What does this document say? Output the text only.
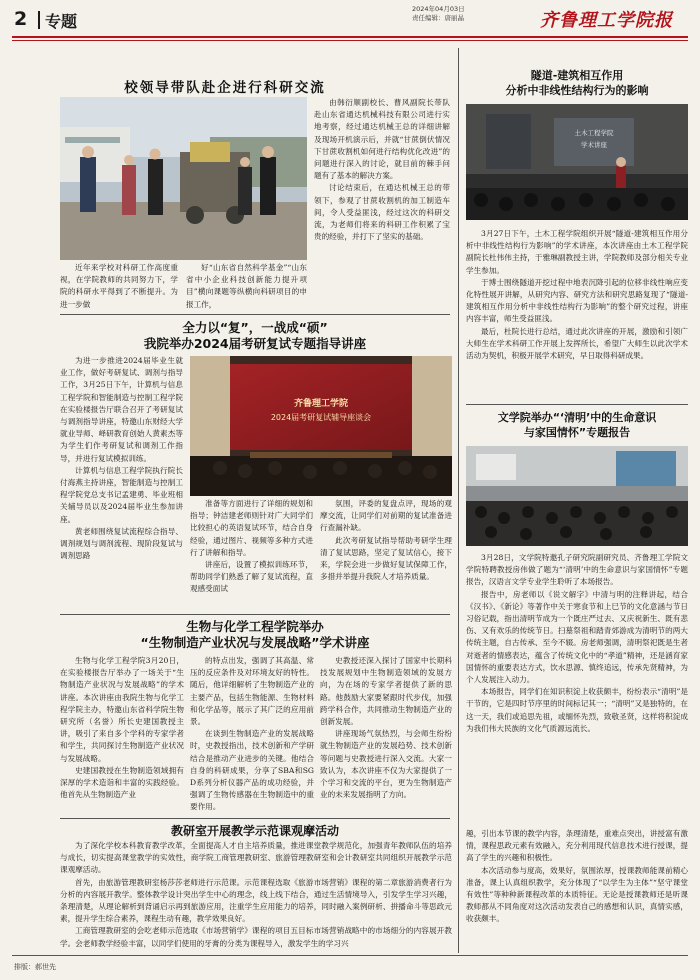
2 专题
2024年04月03日
责任编辑：唐丽晶	齐鲁理工学院报
校领导带队赴企进行科研交流
近年来学校对科研工作高度重视，在学院教师的共同努力下，学院的科研水平得到了不断提升。为进一步做
好“山东省自然科学基金”“山东省中小企业科技创新能力提升项目”横向课题等纵横向科研项目的申报工作，

由韩衍顺副校长、曹风副院长带队赴山东省通达机械科技有限公司进行实地考察，经过通达机械王总的详细讲解及现场开机演示后，并就“甘蔗倒伏情况下甘蔗收割机如何进行结构优化改进”的问题进行深入的讨论，就目前的棘手问题有了基本的解决方案。

讨论结束后，在通达机械王总的带领下，参观了甘蔗收割机的加工制造车间，令人受益匪浅，经过这次的科研交流，为老师们将来的科研工作积累了宝贵的经验，并打下了坚实的基础。

全力以“复”，一战成“硕”
我院举办2024届考研复试专题指导讲座

为进一步推进2024届毕业生就业工作，做好考研复试、调剂与指导工作，3月25日下午，计算机与信息工程学院和智能制造与控制工程学院在实验楼报告厅联合召开了考研复试与调剂指导讲座，特邀山东财经大学就业导师、峄研教育创始人黄素杰等为学生们作考研复试和调剂工作指导，并进行复试模拟训练。

计算机与信息工程学院执行院长付海燕主持讲座，智能制造与控制工程学院党总支书记孟建勇、毕业班相关辅导员以及2024届毕业生参加讲座。

黄老师围绕复试流程综合指导、调剂规划与调剂流程、现阶段复试与调剂思路

齐鲁理工学院
2024届考研复试辅导座谈会

准备等方面进行了详细的规划和指导；钟洁建老师则针对广大同学们比较担心的英语复试环节，结合自身经验，通过图片、视频等多种方式进行了讲解和指导。

讲座后，设置了模拟训练环节，帮助同学们熟悉了解了复试流程，直观感受面试

氛围，评委的复盘点评，现场的观摩交流，让同学们对前期的复试准备进行查漏补缺。

此次考研复试指导帮助考研学生理清了复试思路，坚定了复试信心，接下来，学院会进一步做好复试保障工作，多措并举提升我院人才培养质量。

生物与化学工程学院举办
“生物制造产业状况与发展战略”学术讲座

生物与化学工程学院3月20日，在实验楼报告厅举办了一场关于“生物制造产业状况与发展战略”的学术讲座。本次讲座由我院生物与化学工程学院主办，特邀山东省科学院生物研究所（名誉）所长史建国教授主讲，吸引了来自多个学科的专家学者和学生，共同探讨生物制造产业状况与发展战略。

史建国教授在生物制造领域拥有深厚的学术造诣和丰富的实践经验。他首先从生物制造产业

的特点出发，强调了其高温、常压的反应条件及对环境友好的特性。随后，他详细解析了生物制造产业的主要产品，包括生物能源、生物材料和化学品等，展示了其广泛的应用前景。

在谈到生物制造产业的发展战略时，史教授指出，技术创新和产学研结合是推动产业进步的关键。他结合自身的科研成果，分享了SBA和SGD系列分析仪器产品的成功经验，并强调了生物传感器在生物制造中的重要作用。

史教授还深入探讨了国家中长期科技发展规划中生物制造领域的发展方向，为在场的专家学者提供了新的思路。他鼓励大家要紧跟时代步伐，加强跨学科合作，共同推动生物制造产业的创新发展。

讲座现场气氛热烈，与会师生纷纷就生物制造产业的发展趋势、技术创新等问题与史教授进行深入交流。大家一致认为，本次讲座不仅为大家提供了一个学习和交流的平台，更为生物制造产业的未来发展指明了方向。

教研室开展教学示范课观摩活动

为了深化学校本科教育教学改革，全面提高人才自主培养质量，推进课堂教学规范化，加强青年教师队伍的培养与成长，切实提高课堂教学的实效性，商学院工商管理教研室、旅游管理教研室和会计教研室共同组织开展教学示范课观摩活动。

首先，由旅游管理教研室杨莎莎老师进行示范课。示范课程选取《旅游市场营销》课程的第二章旅游消费者行为分析的内容展开教学。整体教学设计突出学生中心的理念，线上线下结合，通过生活情境导入，引发学生学习兴趣，条理清楚，从理论解析到背诵启示再到旅游应用，注重学生应用能力的培养，同时融入案例研析、拼播命斗等思政元素，提升学生综合素养，课程生动有趣，教学效果良好。

工商管理教研室的会吃老师示范选取《市场营销学》课程的项目五目标市场营销战略中的市场细分的内容展开教学。会老师教学经验丰富，以同学们使用的牙膏的分类为课程导入，激发学生的学习兴

隧道-建筑相互作用
分析中非线性结构行为的影响
土木工程学院
学术讲座

3月27日下午，土木工程学院组织开展“隧道-建筑相互作用分析中非线性结构行为影响”的学术讲座，本次讲座由土木工程学院副院长杜伟伟主持，于雅琳副教授主讲，学院教师及部分相关专业学生参加。

于博士围绕隧道开挖过程中地表沉降引起的位移非线性响应变化特性展开讲解，从研究内容、研究方法和研究思路复现了“隧道-建筑相互作用分析中非线性结构行为影响”的整个研究过程，讲座内容丰富，师生受益匪浅。

最后，杜院长进行总结，通过此次讲座的开展，激励和引领广大师生在学术科研工作开展上发挥所长，希望广大师生以此次学术活动为契机，积极开展学术研究，早日取得科研成果。

文学院举办“‘清明’中的生命意识
与家国情怀”专题报告

3月28日，文学院特邀孔子研究院副研究员、齐鲁理工学院文学院特聘教授房伟做了题为“‘清明’中的生命意识与家国情怀”专题报告，汉语言文学专业学生聆听了本场报告。

报告中，房老师以《说文解字》中清与明的注释讲起，结合《汉书》、《新论》等著作中关于寒食节和上巳节的文化意涵与节日习俗记载，指出清明节成为一个既庄严过去、又庆祝新生、既有悲伤、又有欢乐的传统节日。扫墓祭祖和踏青郊游成为清明节的两大传统主题，自古传承、至今不辍。房老师强调，清明祭祀既是生者对逝者的情感表达，蕴含了传统文化中的“孝道”精神，还是涵育家国情怀的重要表达方式，饮水思源、慎终追远，传承先贤精神，为个人发展注入动力。

本场报告，同学们在知识积淀上收获颇丰，纷纷表示“清明”是干节的，它是四时节序里的时间标记其一；“清明”又是独特的，在这一天，我们或追思先祖，或缅怀先烈，致敬圣贤，这样将积淀成为我们伟大民族的文化气质源远流长。

趣，引出本节课的教学内容，条理清楚，重难点突出，讲授富有激情，课程思政元素有效融入，充分利用现代信息技术进行授课，提高了学生的兴趣和积极性。

本次活动参与度高，效果好，氛围浓厚，授课教师能课前精心准备，课上认真组织教学，充分体现了“以学生为主体”“坚守课堂有效性”等种种新课程改革的本质特征。无论是授课教师还是听课教师都从不同角度对这次活动发表自己的感想和认识，真情实感，收获颇丰。

排版：郝世先
